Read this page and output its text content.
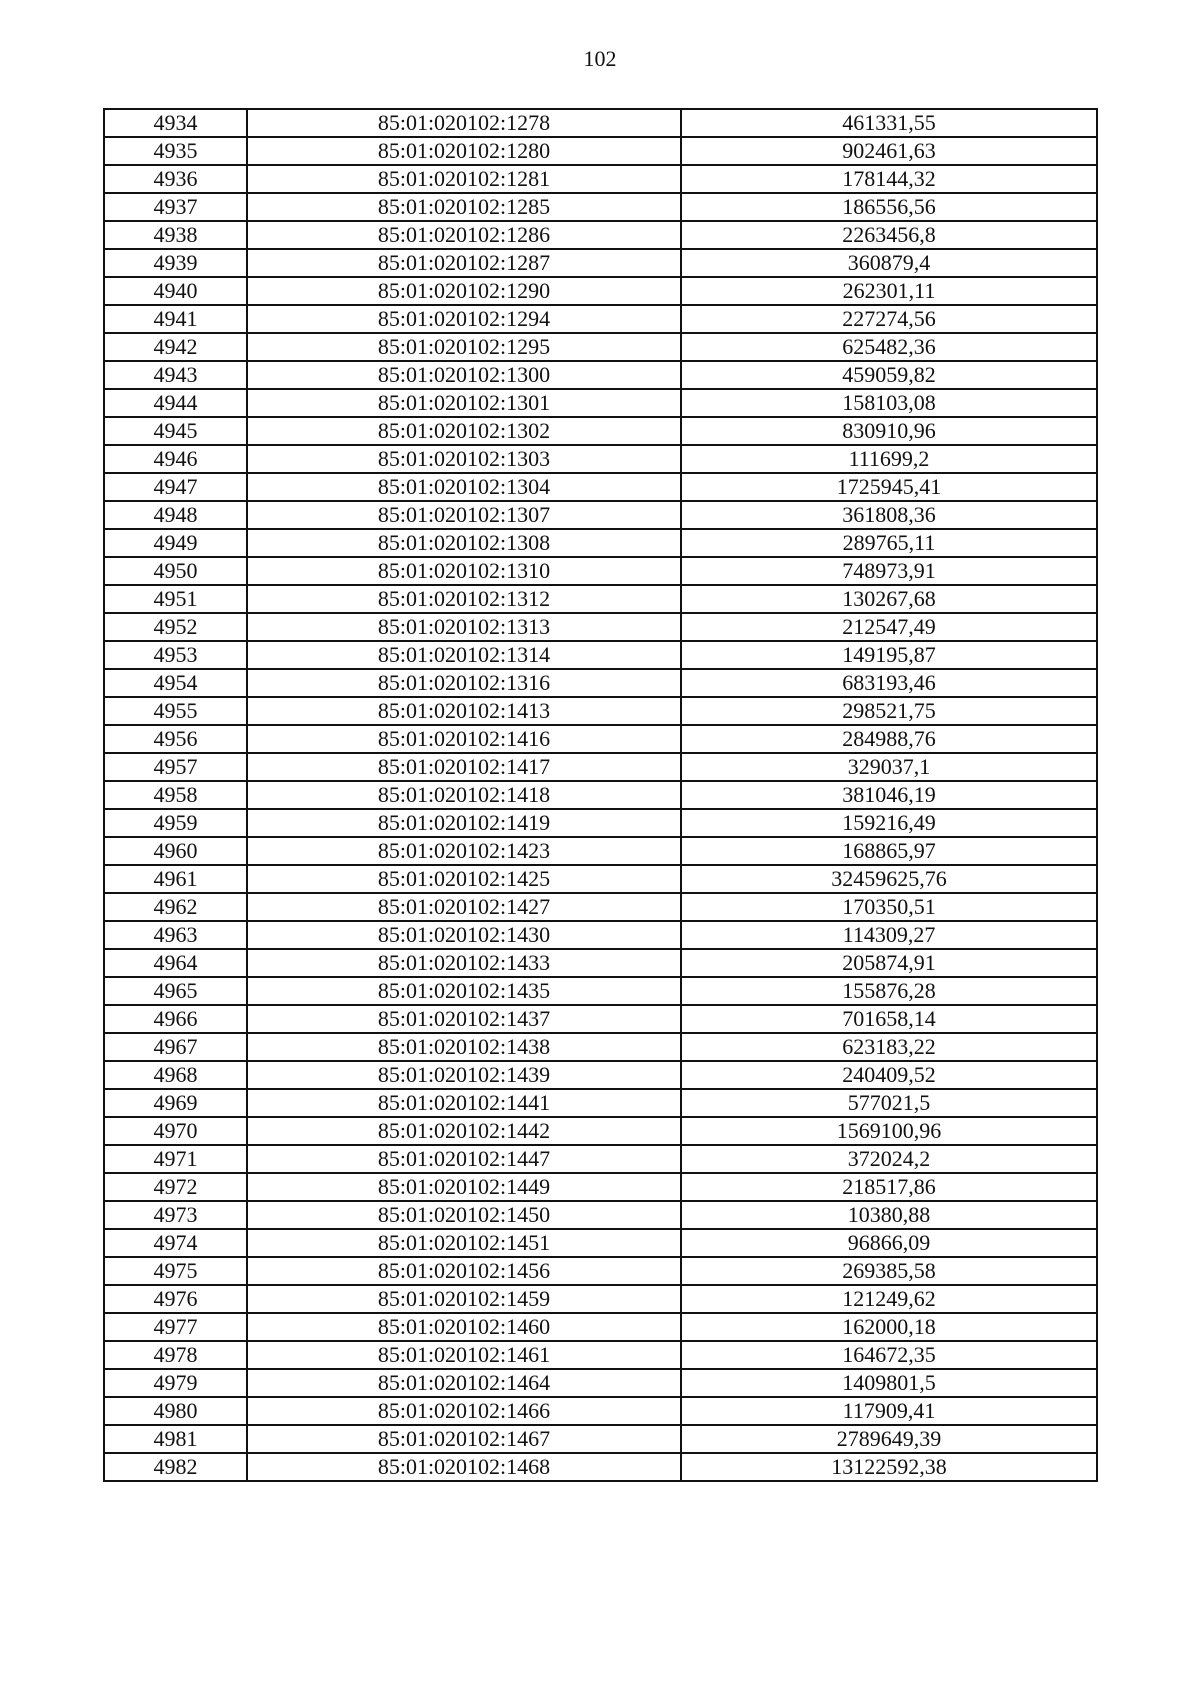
102
4934	85:01:020102:1278	461331,55
4935	85:01:020102:1280	902461,63
4936	85:01:020102:1281	178144,32
4937	85:01:020102:1285	186556,56
4938	85:01:020102:1286	2263456,8
4939	85:01:020102:1287	360879,4
4940	85:01:020102:1290	262301,11
4941	85:01:020102:1294	227274,56
4942	85:01:020102:1295	625482,36
4943	85:01:020102:1300	459059,82
4944	85:01:020102:1301	158103,08
4945	85:01:020102:1302	830910,96
4946	85:01:020102:1303	111699,2
4947	85:01:020102:1304	1725945,41
4948	85:01:020102:1307	361808,36
4949	85:01:020102:1308	289765,11
4950	85:01:020102:1310	748973,91
4951	85:01:020102:1312	130267,68
4952	85:01:020102:1313	212547,49
4953	85:01:020102:1314	149195,87
4954	85:01:020102:1316	683193,46
4955	85:01:020102:1413	298521,75
4956	85:01:020102:1416	284988,76
4957	85:01:020102:1417	329037,1
4958	85:01:020102:1418	381046,19
4959	85:01:020102:1419	159216,49
4960	85:01:020102:1423	168865,97
4961	85:01:020102:1425	32459625,76
4962	85:01:020102:1427	170350,51
4963	85:01:020102:1430	114309,27
4964	85:01:020102:1433	205874,91
4965	85:01:020102:1435	155876,28
4966	85:01:020102:1437	701658,14
4967	85:01:020102:1438	623183,22
4968	85:01:020102:1439	240409,52
4969	85:01:020102:1441	577021,5
4970	85:01:020102:1442	1569100,96
4971	85:01:020102:1447	372024,2
4972	85:01:020102:1449	218517,86
4973	85:01:020102:1450	10380,88
4974	85:01:020102:1451	96866,09
4975	85:01:020102:1456	269385,58
4976	85:01:020102:1459	121249,62
4977	85:01:020102:1460	162000,18
4978	85:01:020102:1461	164672,35
4979	85:01:020102:1464	1409801,5
4980	85:01:020102:1466	117909,41
4981	85:01:020102:1467	2789649,39
4982	85:01:020102:1468	13122592,38
